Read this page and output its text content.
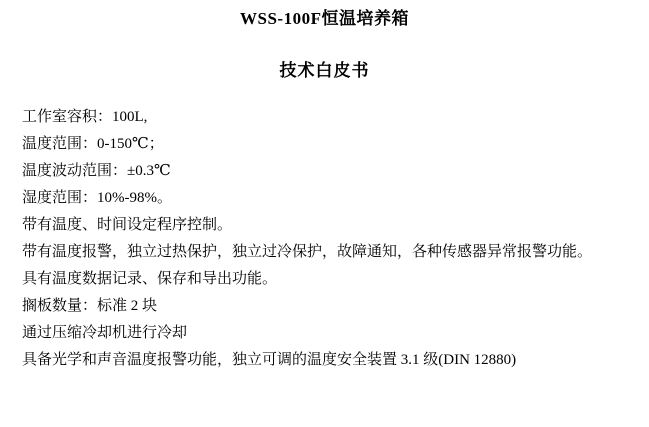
WSS-100F恒温培养箱
技术白皮书
工作室容积：100L,
温度范围：0-150℃；
温度波动范围：±0.3℃
湿度范围：10%-98%。
带有温度、时间设定程序控制。
带有温度报警，独立过热保护，独立过冷保护，故障通知，各种传感器异常报警功能。
具有温度数据记录、保存和导出功能。
搁板数量：标准 2 块
通过压缩冷却机进行冷却
具备光学和声音温度报警功能，独立可调的温度安全装置 3.1 级(DIN 12880)
